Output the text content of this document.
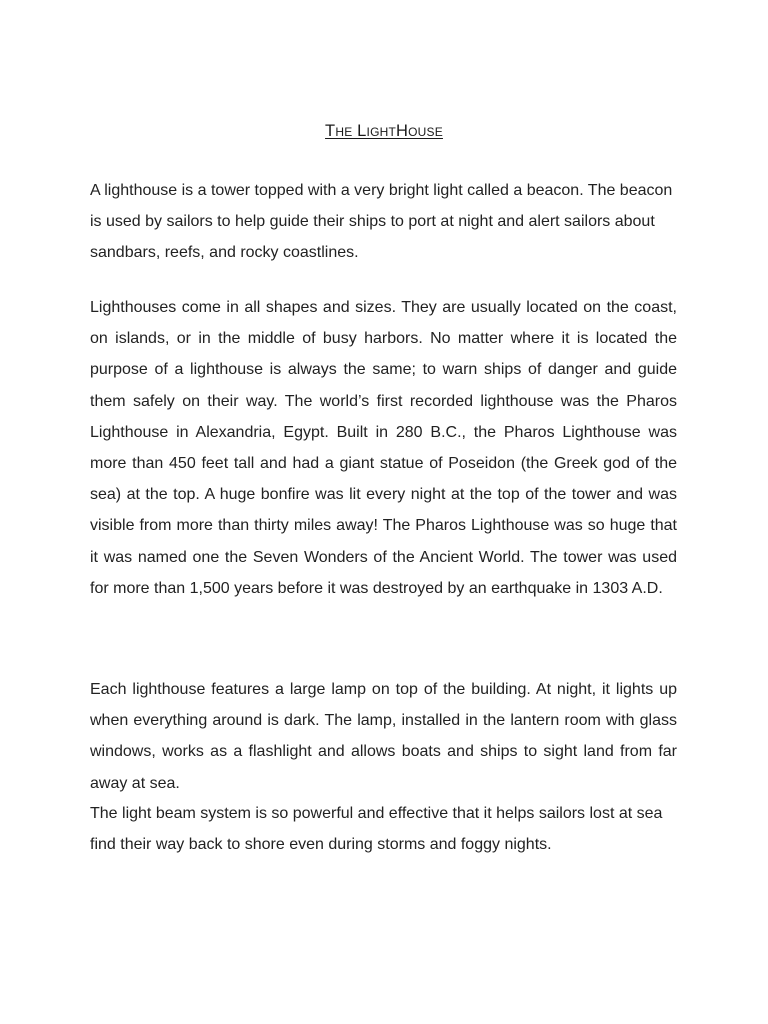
The LightHouse

A lighthouse is a tower topped with a very bright light called a beacon. The beacon is used by sailors to help guide their ships to port at night and alert sailors about sandbars, reefs, and rocky coastlines.

Lighthouses come in all shapes and sizes. They are usually located on the coast, on islands, or in the middle of busy harbors. No matter where it is located the purpose of a lighthouse is always the same; to warn ships of danger and guide them safely on their way. The world’s first recorded lighthouse was the Pharos Lighthouse in Alexandria, Egypt. Built in 280 B.C., the Pharos Lighthouse was more than 450 feet tall and had a giant statue of Poseidon (the Greek god of the sea) at the top. A huge bonfire was lit every night at the top of the tower and was visible from more than thirty miles away! The Pharos Lighthouse was so huge that it was named one the Seven Wonders of the Ancient World. The tower was used for more than 1,500 years before it was destroyed by an earthquake in 1303 A.D.

Each lighthouse features a large lamp on top of the building. At night, it lights up when everything around is dark. The lamp, installed in the lantern room with glass windows, works as a flashlight and allows boats and ships to sight land from far away at sea.

The light beam system is so powerful and effective that it helps sailors lost at sea find their way back to shore even during storms and foggy nights.
